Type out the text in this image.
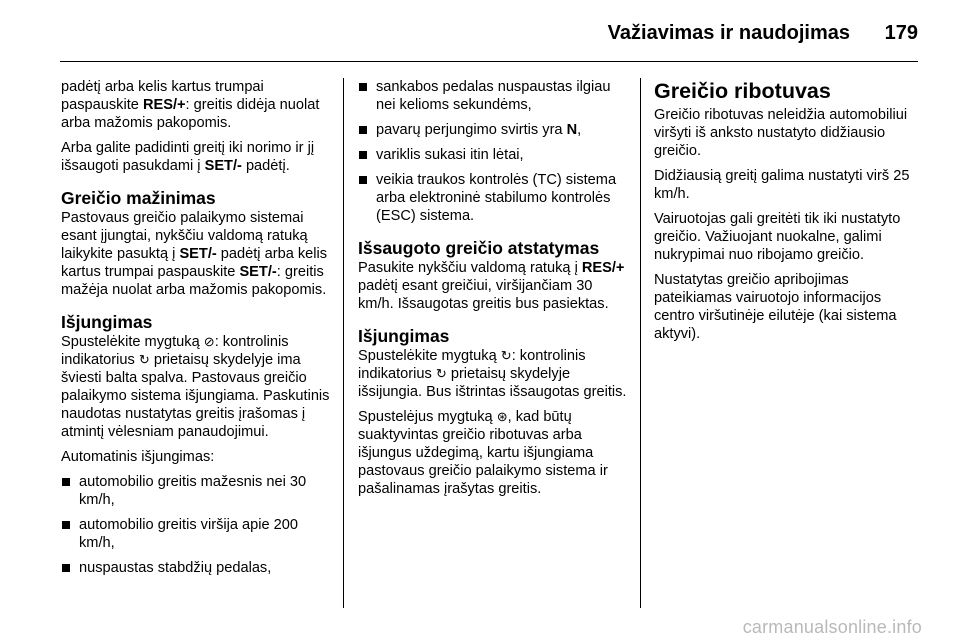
Važiavimas ir naudojimas 179

padėtį arba kelis kartus trumpai paspauskite RES/+: greitis didėja nuolat arba mažomis pakopomis.

Arba galite padidinti greitį iki norimo ir jį išsaugoti pasukdami į SET/- padėtį.

Greičio mažinimas

Pastovaus greičio palaikymo sistemai esant įjungtai, nykščiu valdomą ratuką laikykite pasuktą į SET/- padėtį arba kelis kartus trumpai paspauskite SET/-: greitis mažėja nuolat arba mažomis pakopomis.

Išjungimas

Spustelėkite mygtuką ⊘: kontrolinis indikatorius ↻ prietaisų skydelyje ima šviesti balta spalva. Pastovaus greičio palaikymo sistema išjungiama. Paskutinis naudotas nustatytas greitis įrašomas į atmintį vėlesniam panaudojimui.

Automatinis išjungimas:

automobilio greitis mažesnis nei 30 km/h,
automobilio greitis viršija apie 200 km/h,
nuspaustas stabdžių pedalas,
sankabos pedalas nuspaustas ilgiau nei kelioms sekundėms,
pavarų perjungimo svirtis yra N,
variklis sukasi itin lėtai,
veikia traukos kontrolės (TC) sistema arba elektroninė stabilumo kontrolės (ESC) sistema.
Išsaugoto greičio atstatymas

Pasukite nykščiu valdomą ratuką į RES/+ padėtį esant greičiui, viršijančiam 30 km/h. Išsaugotas greitis bus pasiektas.

Išjungimas

Spustelėkite mygtuką ↻: kontrolinis indikatorius ↻ prietaisų skydelyje išsijungia. Bus ištrintas išsaugotas greitis.

Spustelėjus mygtuką ⊛, kad būtų suaktyvintas greičio ribotuvas arba išjungus uždegimą, kartu išjungiama pastovaus greičio palaikymo sistema ir pašalinamas įrašytas greitis.

Greičio ribotuvas

Greičio ribotuvas neleidžia automobiliui viršyti iš anksto nustatyto didžiausio greičio.

Didžiausią greitį galima nustatyti virš 25 km/h.

Vairuotojas gali greitėti tik iki nustatyto greičio. Važiuojant nuokalne, galimi nukrypimai nuo ribojamo greičio.

Nustatytas greičio apribojimas pateikiamas vairuotojo informacijos centro viršutinėje eilutėje (kai sistema aktyvi).

carmanualsonline.info
